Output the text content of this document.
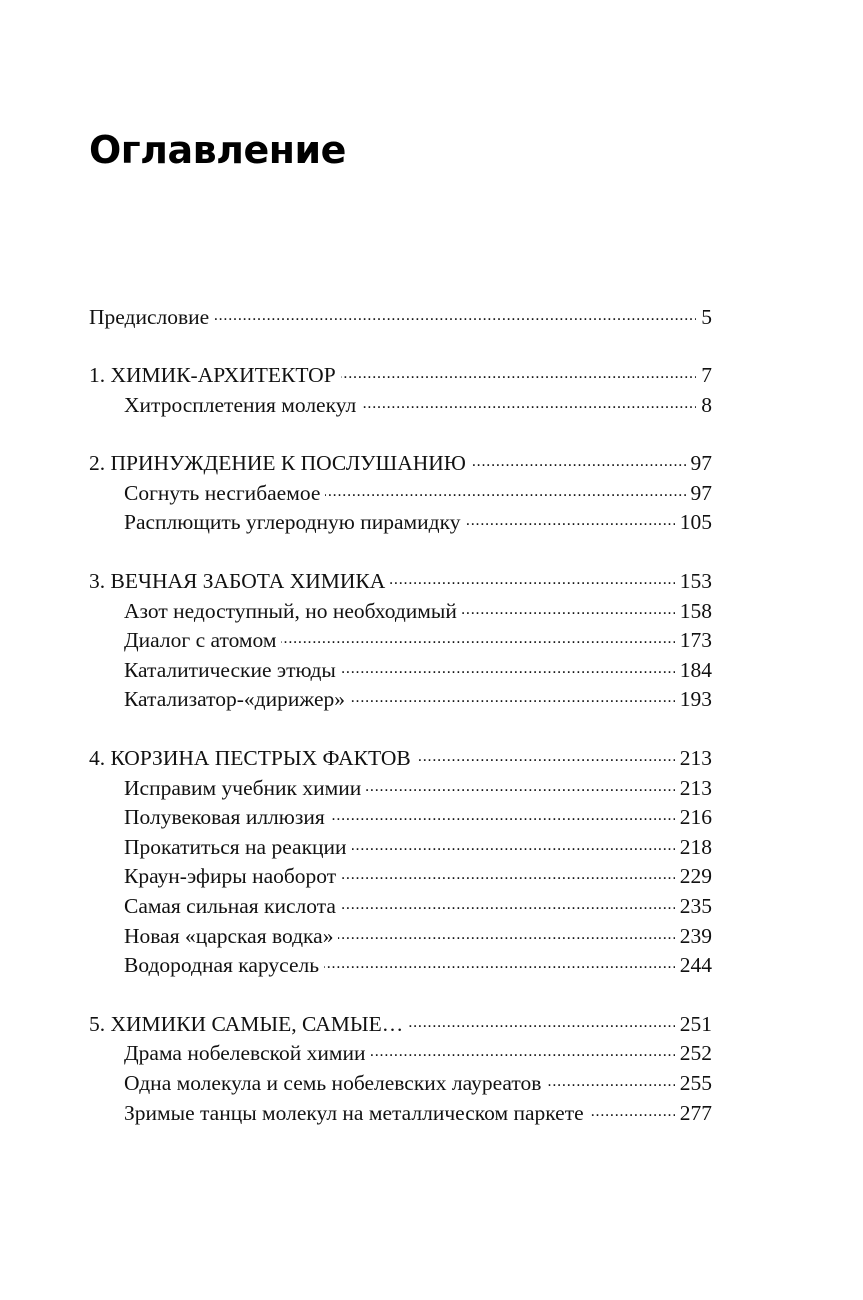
Оглавление
Предисловие . . .	5
1. ХИМИК-АРХИТЕКТОР . . .	7
Хитросплетения молекул . . .	8
2. ПРИНУЖДЕНИЕ К ПОСЛУШАНИЮ . . .	97
Согнуть несгибаемое . . .	97
Расплющить углеродную пирамидку . . .	105
3. ВЕЧНАЯ ЗАБОТА ХИМИКА . . .	153
Азот недоступный, но необходимый . . .	158
Диалог с атомом . . .	173
Каталитические этюды . . .	184
Катализатор-«дирижер» . . .	193
4. КОРЗИНА ПЕСТРЫХ ФАКТОВ . . .	213
Исправим учебник химии . . .	213
Полувековая иллюзия . . .	216
Прокатиться на реакции . . .	218
Краун-эфиры наоборот . . .	229
Самая сильная кислота . . .	235
Новая «царская водка» . . .	239
Водородная карусель . . .	244
5. ХИМИКИ САМЫЕ, САМЫЕ… . . .	251
Драма нобелевской химии . . .	252
Одна молекула и семь нобелевских лауреатов . . .	255
Зримые танцы молекул на металлическом паркете . . .	277
